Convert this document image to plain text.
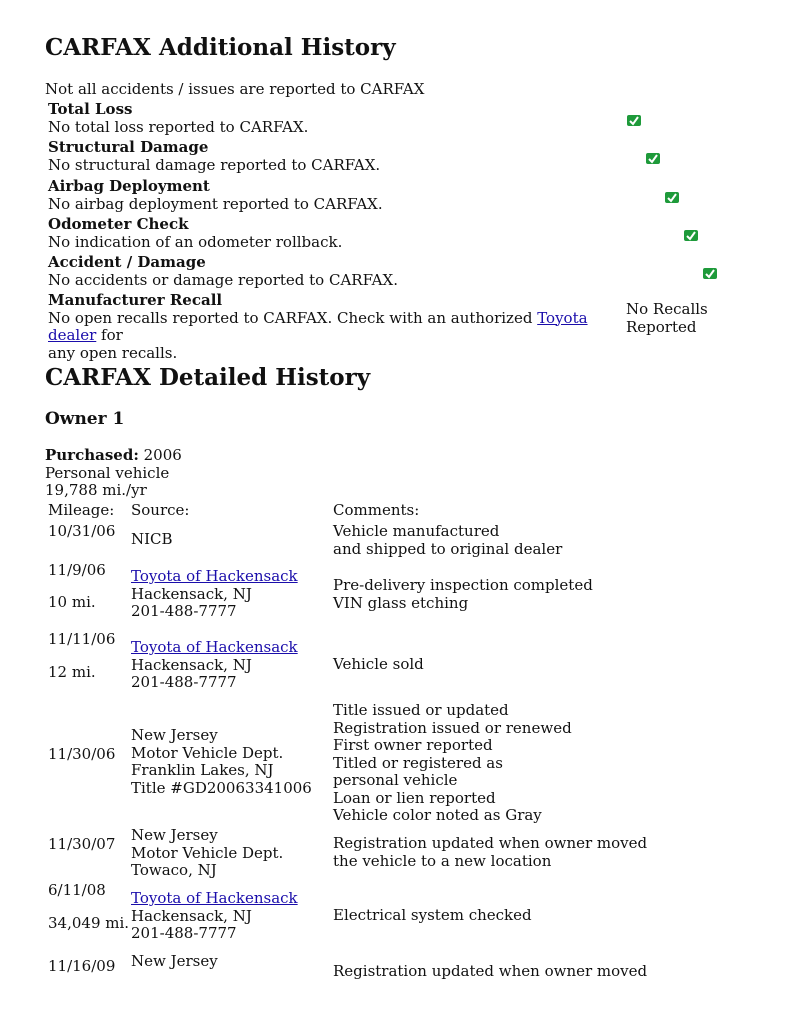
CARFAX Additional History
Not all accidents / issues are reported to CARFAX
Total Loss
No total loss reported to CARFAX.
Structural Damage
No structural damage reported to CARFAX.
Airbag Deployment
No airbag deployment reported to CARFAX.
Odometer Check
No indication of an odometer rollback.
Accident / Damage
No accidents or damage reported to CARFAX.

Manufacturer Recall
No open recalls reported to CARFAX. Check with an authorized Toyota dealer for
any open recalls.
No Recalls
Reported
CARFAX Detailed History
Owner 1
Purchased: 2006
Personal vehicle
19,788 mi./yr
Mileage: Source:	Comments:
10/31/06 NICB	Vehicle manufactured
and shipped to original dealer
11/9/06
10 mi.
Toyota of Hackensack
Hackensack, NJ
201-488-7777
Pre-delivery inspection completed
VIN glass etching
11/11/06
12 mi.
Toyota of Hackensack
Hackensack, NJ
201-488-7777
Vehicle sold
11/30/06
New Jersey
Motor Vehicle Dept.
Franklin Lakes, NJ
Title #GD20063341006
Title issued or updated
Registration issued or renewed
First owner reported
Titled or registered as
personal vehicle
Loan or lien reported
Vehicle color noted as Gray
11/30/07 New Jersey
Motor Vehicle Dept.
Towaco, NJ
Registration updated when owner moved
the vehicle to a new location
6/11/08
34,049 mi.
Toyota of Hackensack
Hackensack, NJ
201-488-7777
Electrical system checked
11/16/09 New Jersey
Registration updated when owner moved
